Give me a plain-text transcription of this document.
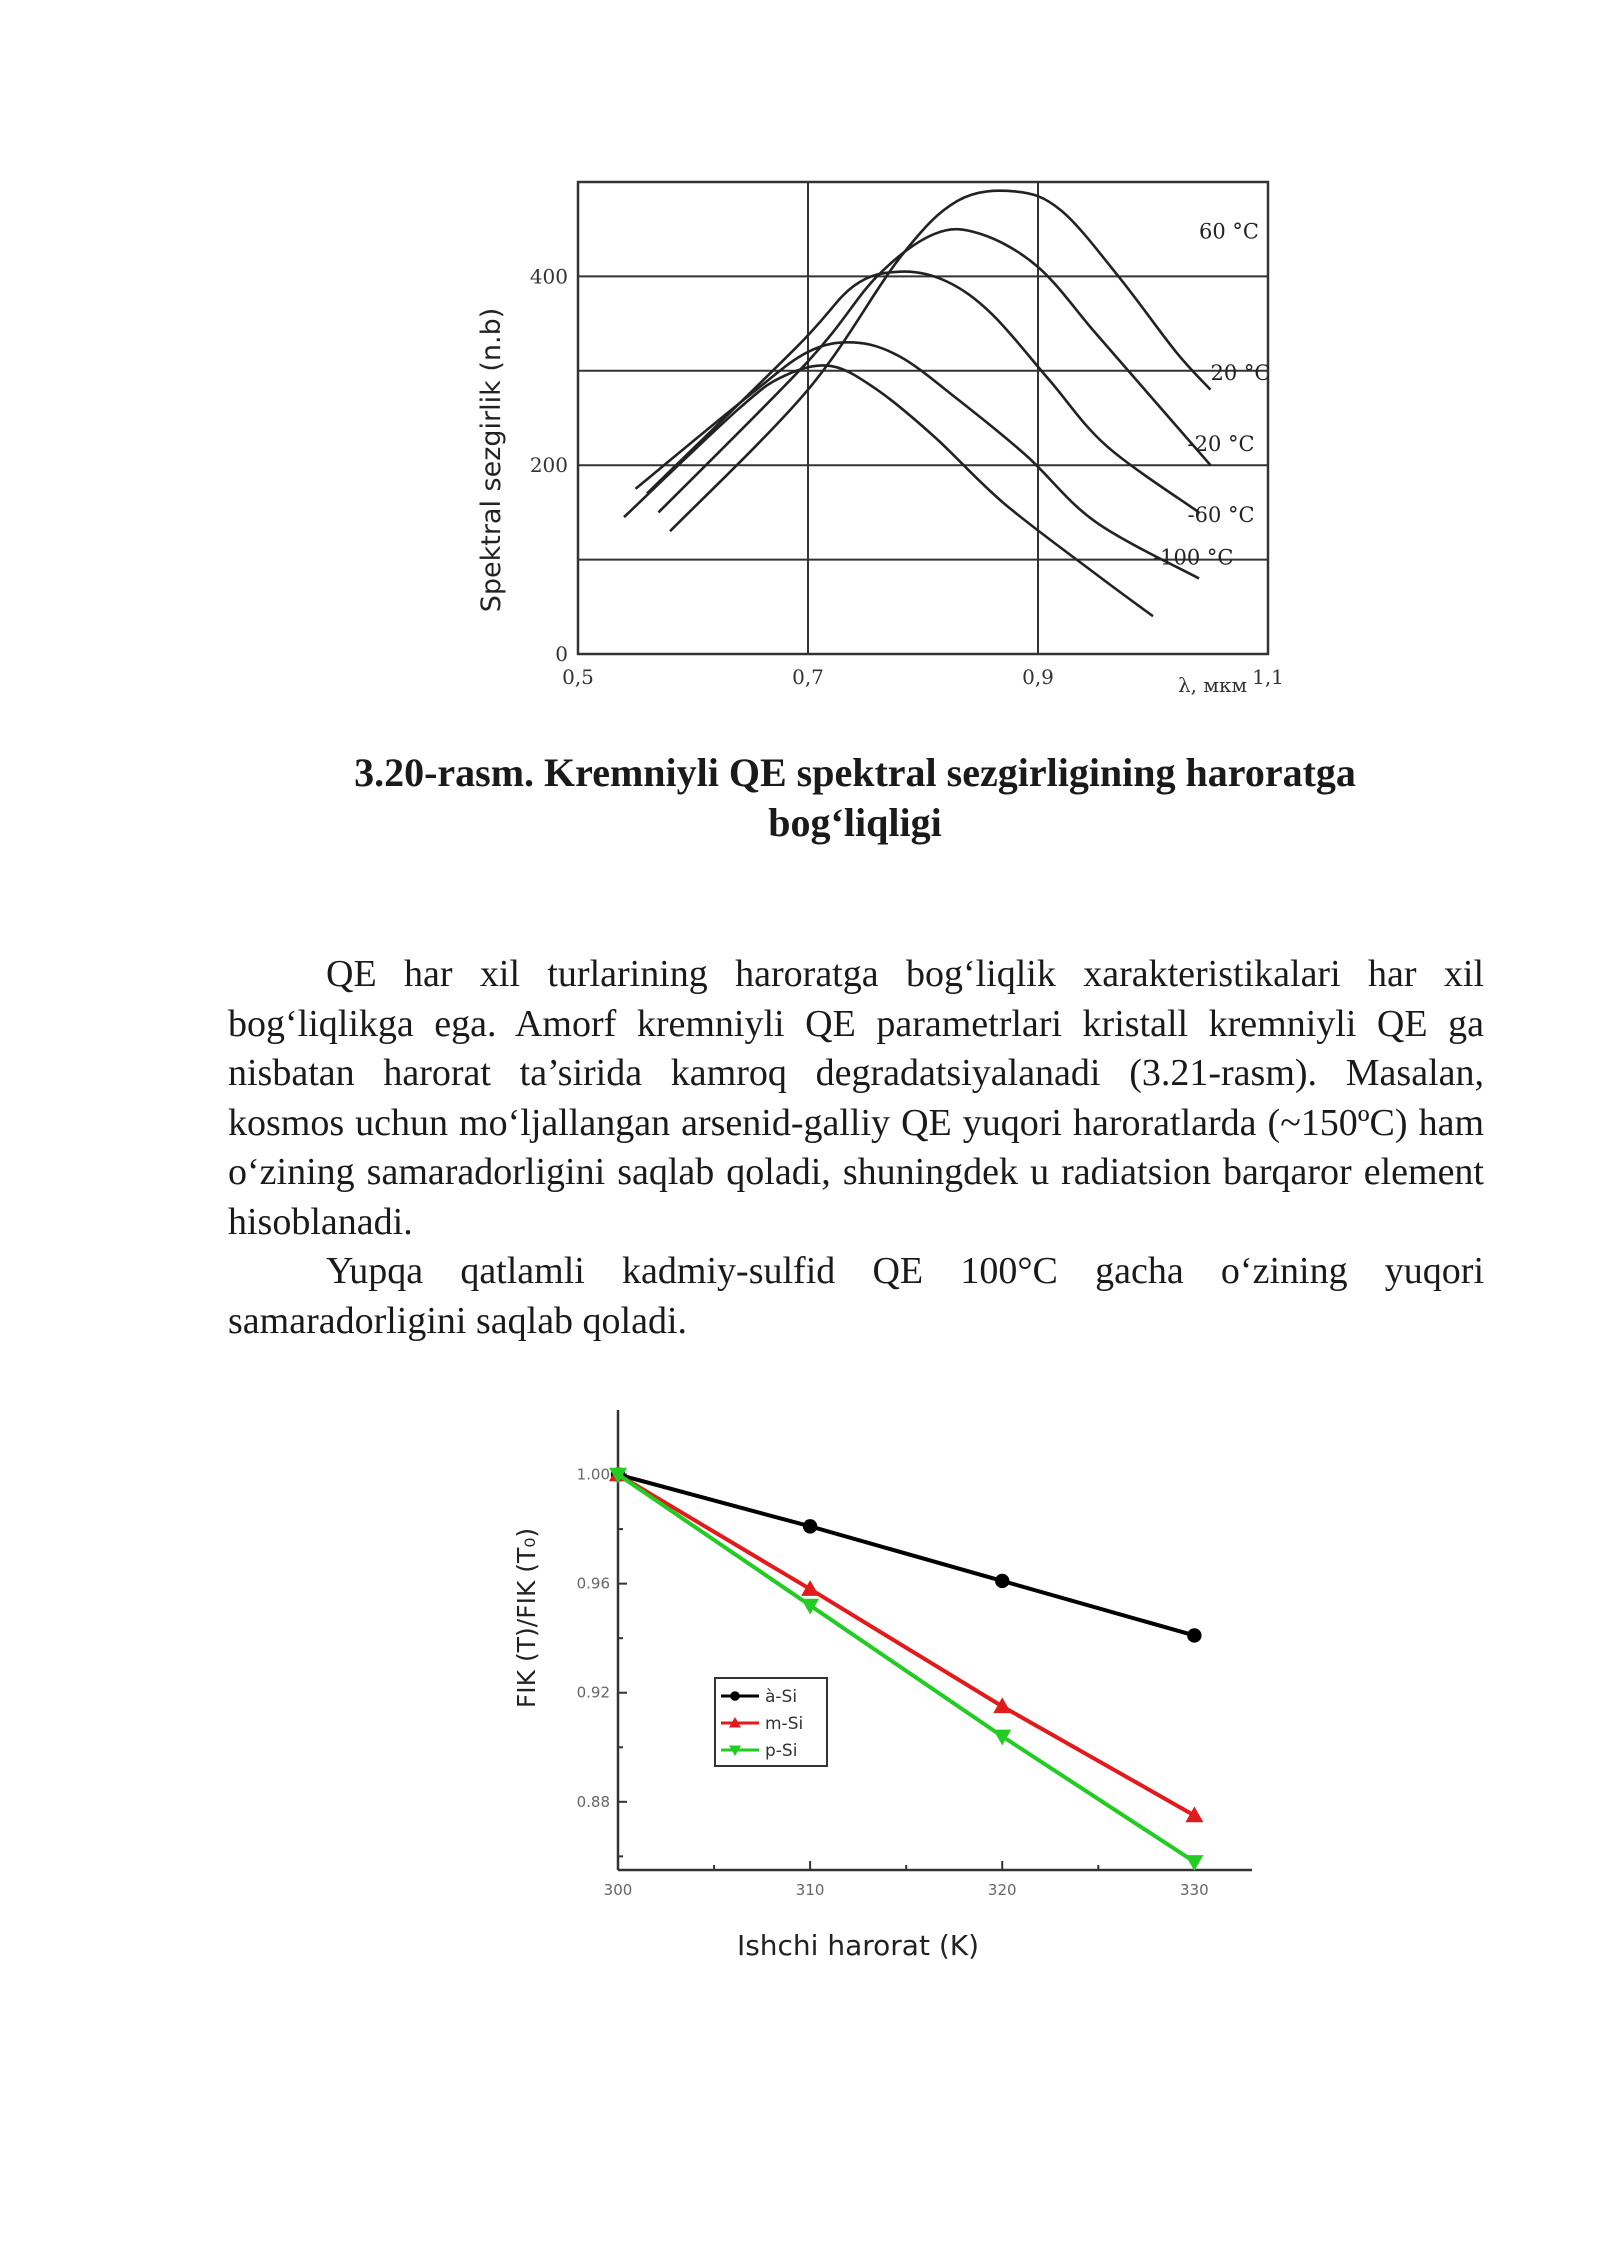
60 °C
20 °C
-20 °C
-60 °C
-100 °C
0,5	0,7	0,9	1,1
0
200
400
λ, мкм
Spektral sezgirlik (n.b)
3.20-rasm. Kremniyli QE spektral sezgirligining haroratga
bog‘liqligi

QE har xil turlarining haroratga bog‘liqlik xarakteristikalari har xil bog‘liqlikga ega. Amorf kremniyli QE parametrlari kristall kremniyli QE ga nisbatan harorat ta’sirida kamroq degradatsiyalanadi (3.21-rasm). Masalan, kosmos uchun mo‘ljallangan arsenid-galliy QE yuqori haroratlarda (~150ºC) ham o‘zining samaradorligini saqlab qoladi, shuningdek u radiatsion barqaror element hisoblanadi.

Yupqa qatlamli kadmiy-sulfid QE 100°C gacha o‘zining yuqori samaradorligini saqlab qoladi.

300	310	320	330
1.00
0.96
0.92
0.88
à-Si
m-Si
p-Si
Ishchi harorat (K)
FIK (T)/FIK (T₀)
